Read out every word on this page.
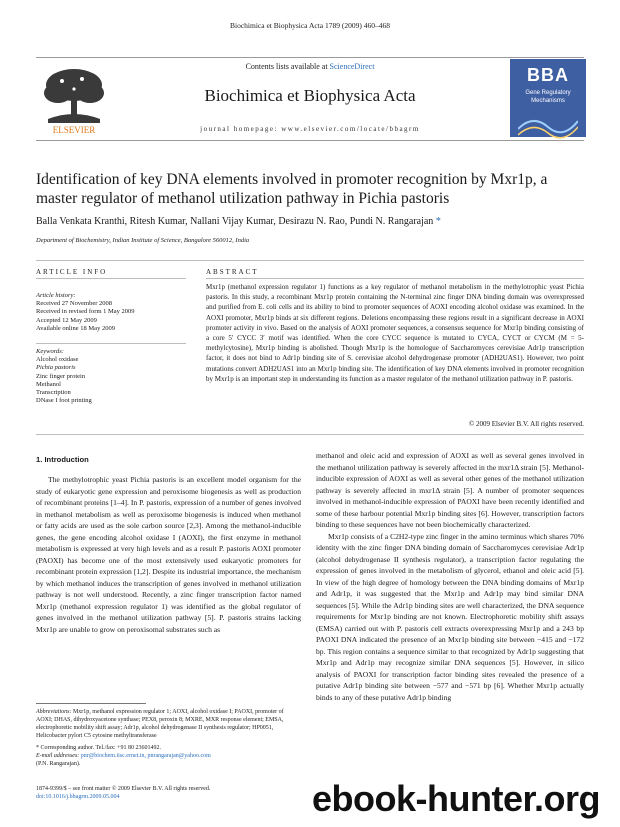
Biochimica et Biophysica Acta 1789 (2009) 460–468
ELSEVIER
Contents lists available at ScienceDirect
Biochimica et Biophysica Acta
journal homepage: www.elsevier.com/locate/bbagrm
BBA
Gene Regulatory Mechanisms
Identification of key DNA elements involved in promoter recognition by Mxr1p, a master regulator of methanol utilization pathway in Pichia pastoris
Balla Venkata Kranthi, Ritesh Kumar, Nallani Vijay Kumar, Desirazu N. Rao, Pundi N. Rangarajan *
Department of Biochemistry, Indian Institute of Science, Bangalore 560012, India
ARTICLE INFO	ABSTRACT
Article history:
Received 27 November 2008
Received in revised form 1 May 2009
Accepted 12 May 2009
Available online 18 May 2009
Keywords:
Alcohol oxidase
Pichia pastoris
Zinc finger protein
Methanol
Transcription
DNase I foot printing
Mxr1p (methanol expression regulator 1) functions as a key regulator of methanol metabolism in the methylotrophic yeast Pichia pastoris. In this study, a recombinant Mxr1p protein containing the N-terminal zinc finger DNA binding domain was overexpressed and purified from E. coli cells and its ability to bind to promoter sequences of AOXI encoding alcohol oxidase was examined. In the AOXI promoter, Mxr1p binds at six different regions. Deletions encompassing these regions result in a significant decrease in AOXI promoter activity in vivo. Based on the analysis of AOXI promoter sequences, a consensus sequence for Mxr1p binding consisting of a core 5′ CYCC 3′ motif was identified. When the core CYCC sequence is mutated to CYCA, CYCT or CYCM (M = 5-methylcytosine), Mxr1p binding is abolished. Though Mxr1p is the homologue of Saccharomyces cerevisiae Adr1p transcription factor, it does not bind to Adr1p binding site of S. cerevisiae alcohol dehydrogenase promoter (ADH2UAS1). However, two point mutations convert ADH2UAS1 into an Mxr1p binding site. The identification of key DNA elements involved in promoter recognition by Mxr1p is an important step in understanding its function as a master regulator of the methanol utilization pathway in P. pastoris.
© 2009 Elsevier B.V. All rights reserved.
1. Introduction

The methylotrophic yeast Pichia pastoris is an excellent model organism for the study of eukaryotic gene expression and peroxisome biogenesis as well as production of recombinant proteins [1–4]. In P. pastoris, expression of a number of genes involved in methanol metabolism as well as peroxisome biogenesis is induced when methanol or fatty acids are used as the sole carbon source [2,3]. Among the methanol-inducible genes, the gene encoding alcohol oxidase I (AOXI), the first enzyme in methanol metabolism is expressed at very high levels and as a result P. pastoris AOXI promoter (PAOXI) has become one of the most extensively used eukaryotic promoters for recombinant protein expression [1,2]. Despite its industrial importance, the mechanism by which methanol induces the transcription of genes involved in methanol utilization pathway is not well understood. Recently, a zinc finger transcription factor named Mxr1p (methanol expression regulator 1) was identified as the global regulator of genes involved in the methanol utilization pathway [5]. P. pastoris strains lacking Mxr1p are unable to grow on peroxisomal substrates such as

methanol and oleic acid and expression of AOXI as well as several genes involved in the methanol utilization pathway is severely affected in the mxr1Δ strain [5]. Methanol-inducible expression of AOXI as well as several other genes of the methanol utilization pathway is severely affected in mxr1Δ strain [5]. A number of promoter sequences involved in methanol-inducible expression of PAOXI have been recently identified and some of these harbour potential Mxr1p binding sites [6]. However, transcription factors binding to these sequences have not been biochemically characterized.

Mxr1p consists of a C2H2-type zinc finger in the amino terminus which shares 70% identity with the zinc finger DNA binding domain of Saccharomyces cerevisiae Adr1p (alcohol dehydrogenase II synthesis regulator), a transcription factor regulating the expression of genes involved in the metabolism of glycerol, ethanol and oleic acid [5]. In view of the high degree of homology between the DNA binding domains of Mxr1p and Adr1p, it was suggested that the Mxr1p and Adr1p may bind similar DNA sequences [5]. While the Adr1p binding sites are well characterized, the DNA sequence requirements for Mxr1p binding are not known. Electrophoretic mobility shift assays (EMSA) carried out with P. pastoris cell extracts overexpressing Mxr1p and a 243 bp PAOXI DNA indicated the presence of an Mxr1p binding site between −415 and −172 bp. This region contains a sequence similar to that recognized by Adr1p suggesting that Mxr1p and Adr1p may recognize similar DNA sequences [5]. However, in silico analysis of PAOXI for transcription factor binding sites revealed the presence of a putative Adr1p binding site between −577 and −571 bp [6]. Whether Mxr1p actually binds to any of these putative Adr1p binding

Abbreviations: Mxr1p, methanol expression regulator 1; AOXI, alcohol oxidase I; PAOXI, promoter of AOXI; DHAS, dihydroxyacetone synthase; PEX8, peroxin 8; MXRE, MXR response element; EMSA, electrophoretic mobility shift assay; Adr1p, alcohol dehydrogenase II synthesis regulator; HP0051, Helicobacter pylori C5 cytosine methyltransferase
* Corresponding author. Tel./fax: +91 80 23601492.
E-mail addresses: pnr@biochem.iisc.ernet.in, pnrangarajan@yahoo.com
(P.N. Rangarajan).
1874-9399/$ – see front matter © 2009 Elsevier B.V. All rights reserved.
doi:10.1016/j.bbagrm.2009.05.004	ebook-hunter.org
